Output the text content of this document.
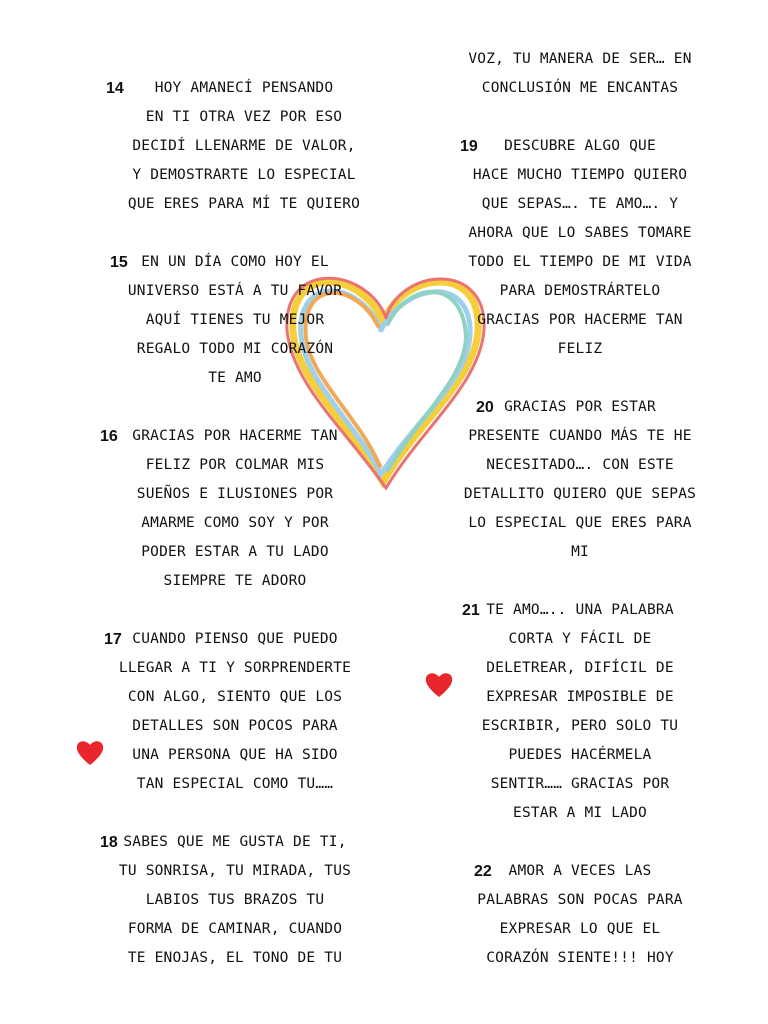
14	HOY AMANECÍ PENSANDO
EN TI OTRA VEZ POR ESO
DECIDÍ LLENARME DE VALOR,
Y DEMOSTRARTE LO ESPECIAL
QUE ERES PARA MÍ TE QUIERO
15 EN UN DÍA COMO HOY EL
UNIVERSO ESTÁ A TU FAVOR
AQUÍ TIENES TU MEJOR
REGALO TODO MI CORAZÓN
TE AMO
16	GRACIAS POR HACERME TAN
FELIZ POR COLMAR MIS
SUEÑOS E ILUSIONES POR
AMARME COMO SOY Y POR
PODER ESTAR A TU LADO
SIEMPRE TE ADORO
17 CUANDO PIENSO QUE PUEDO
LLEGAR A TI Y SORPRENDERTE
CON ALGO, SIENTO QUE LOS
DETALLES SON POCOS PARA
UNA PERSONA QUE HA SIDO
TAN ESPECIAL COMO TU……
18 SABES QUE ME GUSTA DE TI,
TU SONRISA, TU MIRADA, TUS
LABIOS TUS BRAZOS TU
FORMA DE CAMINAR, CUANDO
TE ENOJAS, EL TONO DE TU
VOZ, TU MANERA DE SER… EN
CONCLUSIÓN ME ENCANTAS
19	DESCUBRE ALGO QUE
HACE MUCHO TIEMPO QUIERO
QUE SEPAS…. TE AMO…. Y
AHORA QUE LO SABES TOMARE
TODO EL TIEMPO DE MI VIDA
PARA DEMOSTRÁRTELO
GRACIAS POR HACERME TAN
FELIZ
20 GRACIAS POR ESTAR
PRESENTE CUANDO MÁS TE HE
NECESITADO…. CON ESTE
DETALLITO QUIERO QUE SEPAS
LO ESPECIAL QUE ERES PARA
MI
21 TE AMO….. UNA PALABRA
CORTA Y FÁCIL DE
DELETREAR, DIFÍCIL DE
EXPRESAR IMPOSIBLE DE
ESCRIBIR, PERO SOLO TU
PUEDES HACÉRMELA
SENTIR…… GRACIAS POR
ESTAR A MI LADO
22	AMOR A VECES LAS
PALABRAS SON POCAS PARA
EXPRESAR LO QUE EL
CORAZÓN SIENTE!!! HOY
